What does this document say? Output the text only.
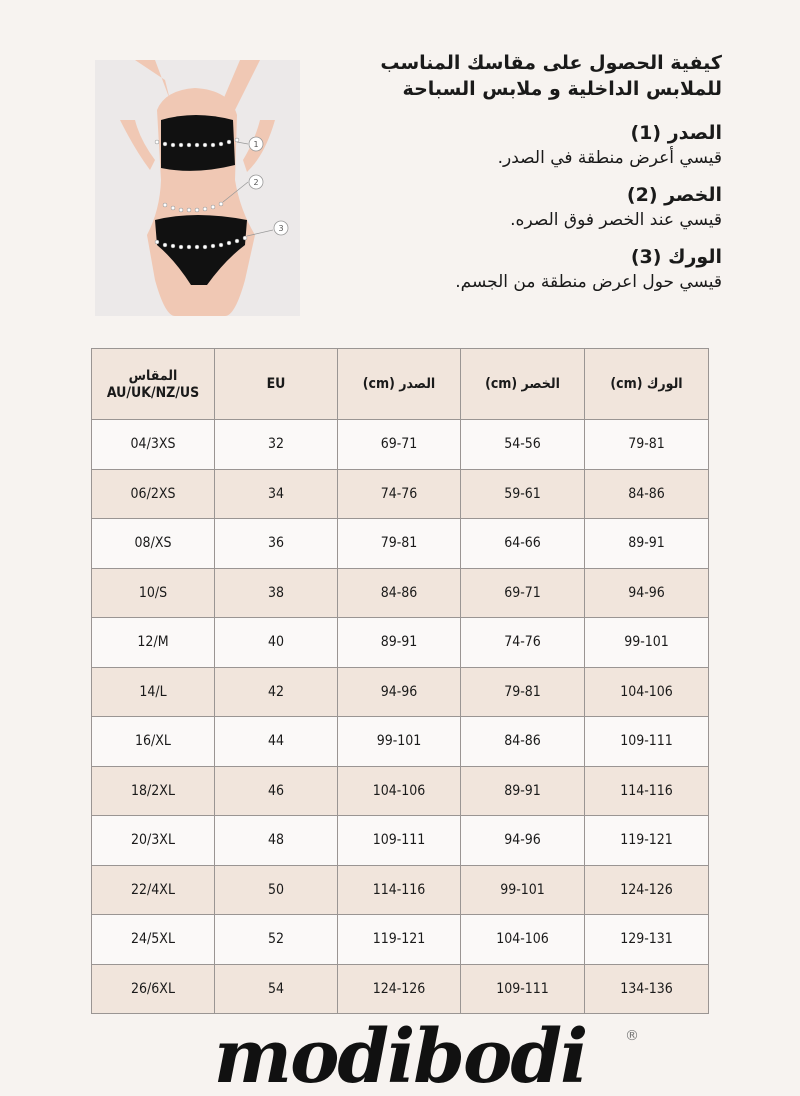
1
2
3

كيفية الحصول على مقاسك المناسب
للملابس الداخلية و ملابس السباحة

الصدر (1)

قيسي أعرض منطقة في الصدر.

الخصر (2)

قيسي عند الخصر فوق الصره.

الورك (3)

قيسي حول اعرض منطقة من الجسم.

المقاس
AU/UK/NZ/US	EU	الصدر (cm)	الخصر (cm)	الورك (cm)

04/3XS	32	69-71	54-56	79-81
06/2XS	34	74-76	59-61	84-86
08/XS	36	79-81	64-66	89-91
10/S	38	84-86	69-71	94-96
12/M	40	89-91	74-76	99-101
14/L	42	94-96	79-81	104-106
16/XL	44	99-101	84-86	109-111
18/2XL	46	104-106	89-91	114-116
20/3XL	48	109-111	94-96	119-121
22/4XL	50	114-116	99-101	124-126
24/5XL	52	119-121	104-106	129-131
26/6XL	54	124-126	109-111	134-136
modibodi	®
